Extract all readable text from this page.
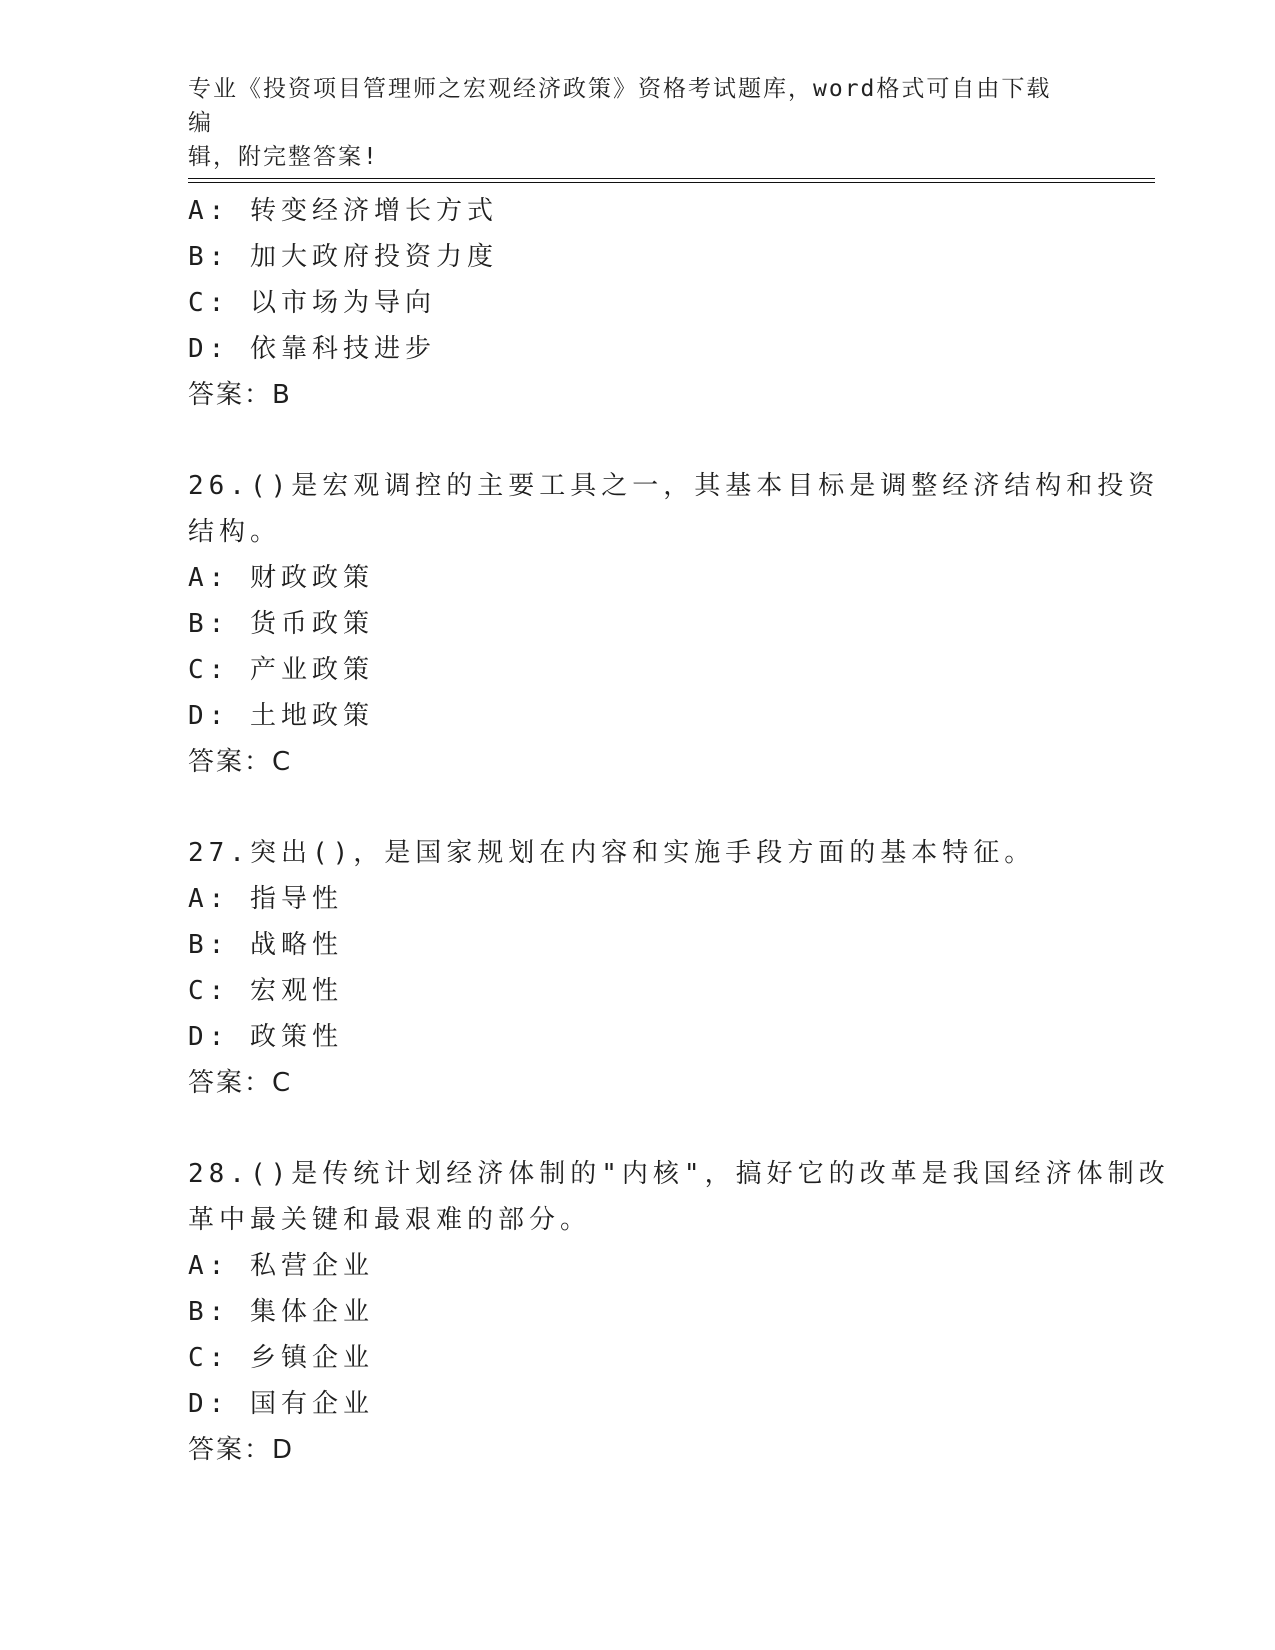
专业《投资项目管理师之宏观经济政策》资格考试题库，word格式可自由下载编
辑，附完整答案!
A: 转变经济增长方式
B: 加大政府投资力度
C: 以市场为导向
D: 依靠科技进步
答案：B
26.()是宏观调控的主要工具之一，其基本目标是调整经济结构和投资
结构。
A: 财政政策
B: 货币政策
C: 产业政策
D: 土地政策
答案：C
27.突出()，是国家规划在内容和实施手段方面的基本特征。
A: 指导性
B: 战略性
C: 宏观性
D: 政策性
答案：C
28.()是传统计划经济体制的"内核"，搞好它的改革是我国经济体制改
革中最关键和最艰难的部分。
A: 私营企业
B: 集体企业
C: 乡镇企业
D: 国有企业
答案：D
